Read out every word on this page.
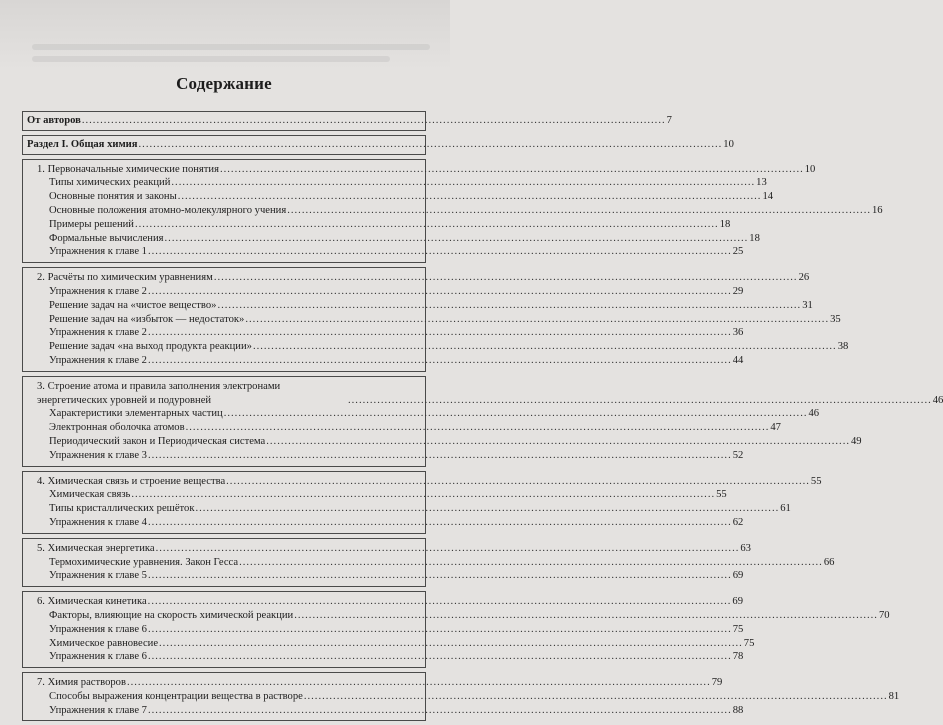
Содержание
От авторов .....	7
Раздел I. Общая химия .....	10
1. Первоначальные химические понятия .....	10
Типы химических реакций .....	13
Основные понятия и законы .....	14
Основные положения атомно-молекулярного учения .....	16
Примеры решений .....	18
Формальные вычисления .....	18
Упражнения к главе 1 .....	25
2. Расчёты по химическим уравнениям .....	26
Упражнения к главе 2 .....	29
Решение задач на «чистое вещество» .....	31
Решение задач на «избыток — недостаток» .....	35
Упражнения к главе 2 .....	36
Решение задач «на выход продукта реакции» .....	38
Упражнения к главе 2 .....	44
3. Строение атома и правила заполнения электронами энергетических уровней и подуровней .....	46
Характеристики элементарных частиц .....	46
Электронная оболочка атомов .....	47
Периодический закон и Периодическая система .....	49
Упражнения к главе 3 .....	52
4. Химическая связь и строение вещества .....	55
Химическая связь .....	55
Типы кристаллических решёток .....	61
Упражнения к главе 4 .....	62
5. Химическая энергетика .....	63
Термохимические уравнения. Закон Гесса .....	66
Упражнения к главе 5 .....	69
6. Химическая кинетика .....	69
Факторы, влияющие на скорость химической реакции .....	70
Упражнения к главе 6 .....	75
Химическое равновесие .....	75
Упражнения к главе 6 .....	78
7. Химия растворов .....	79
Способы выражения концентрации вещества в растворе .....	81
Упражнения к главе 7 .....	88
